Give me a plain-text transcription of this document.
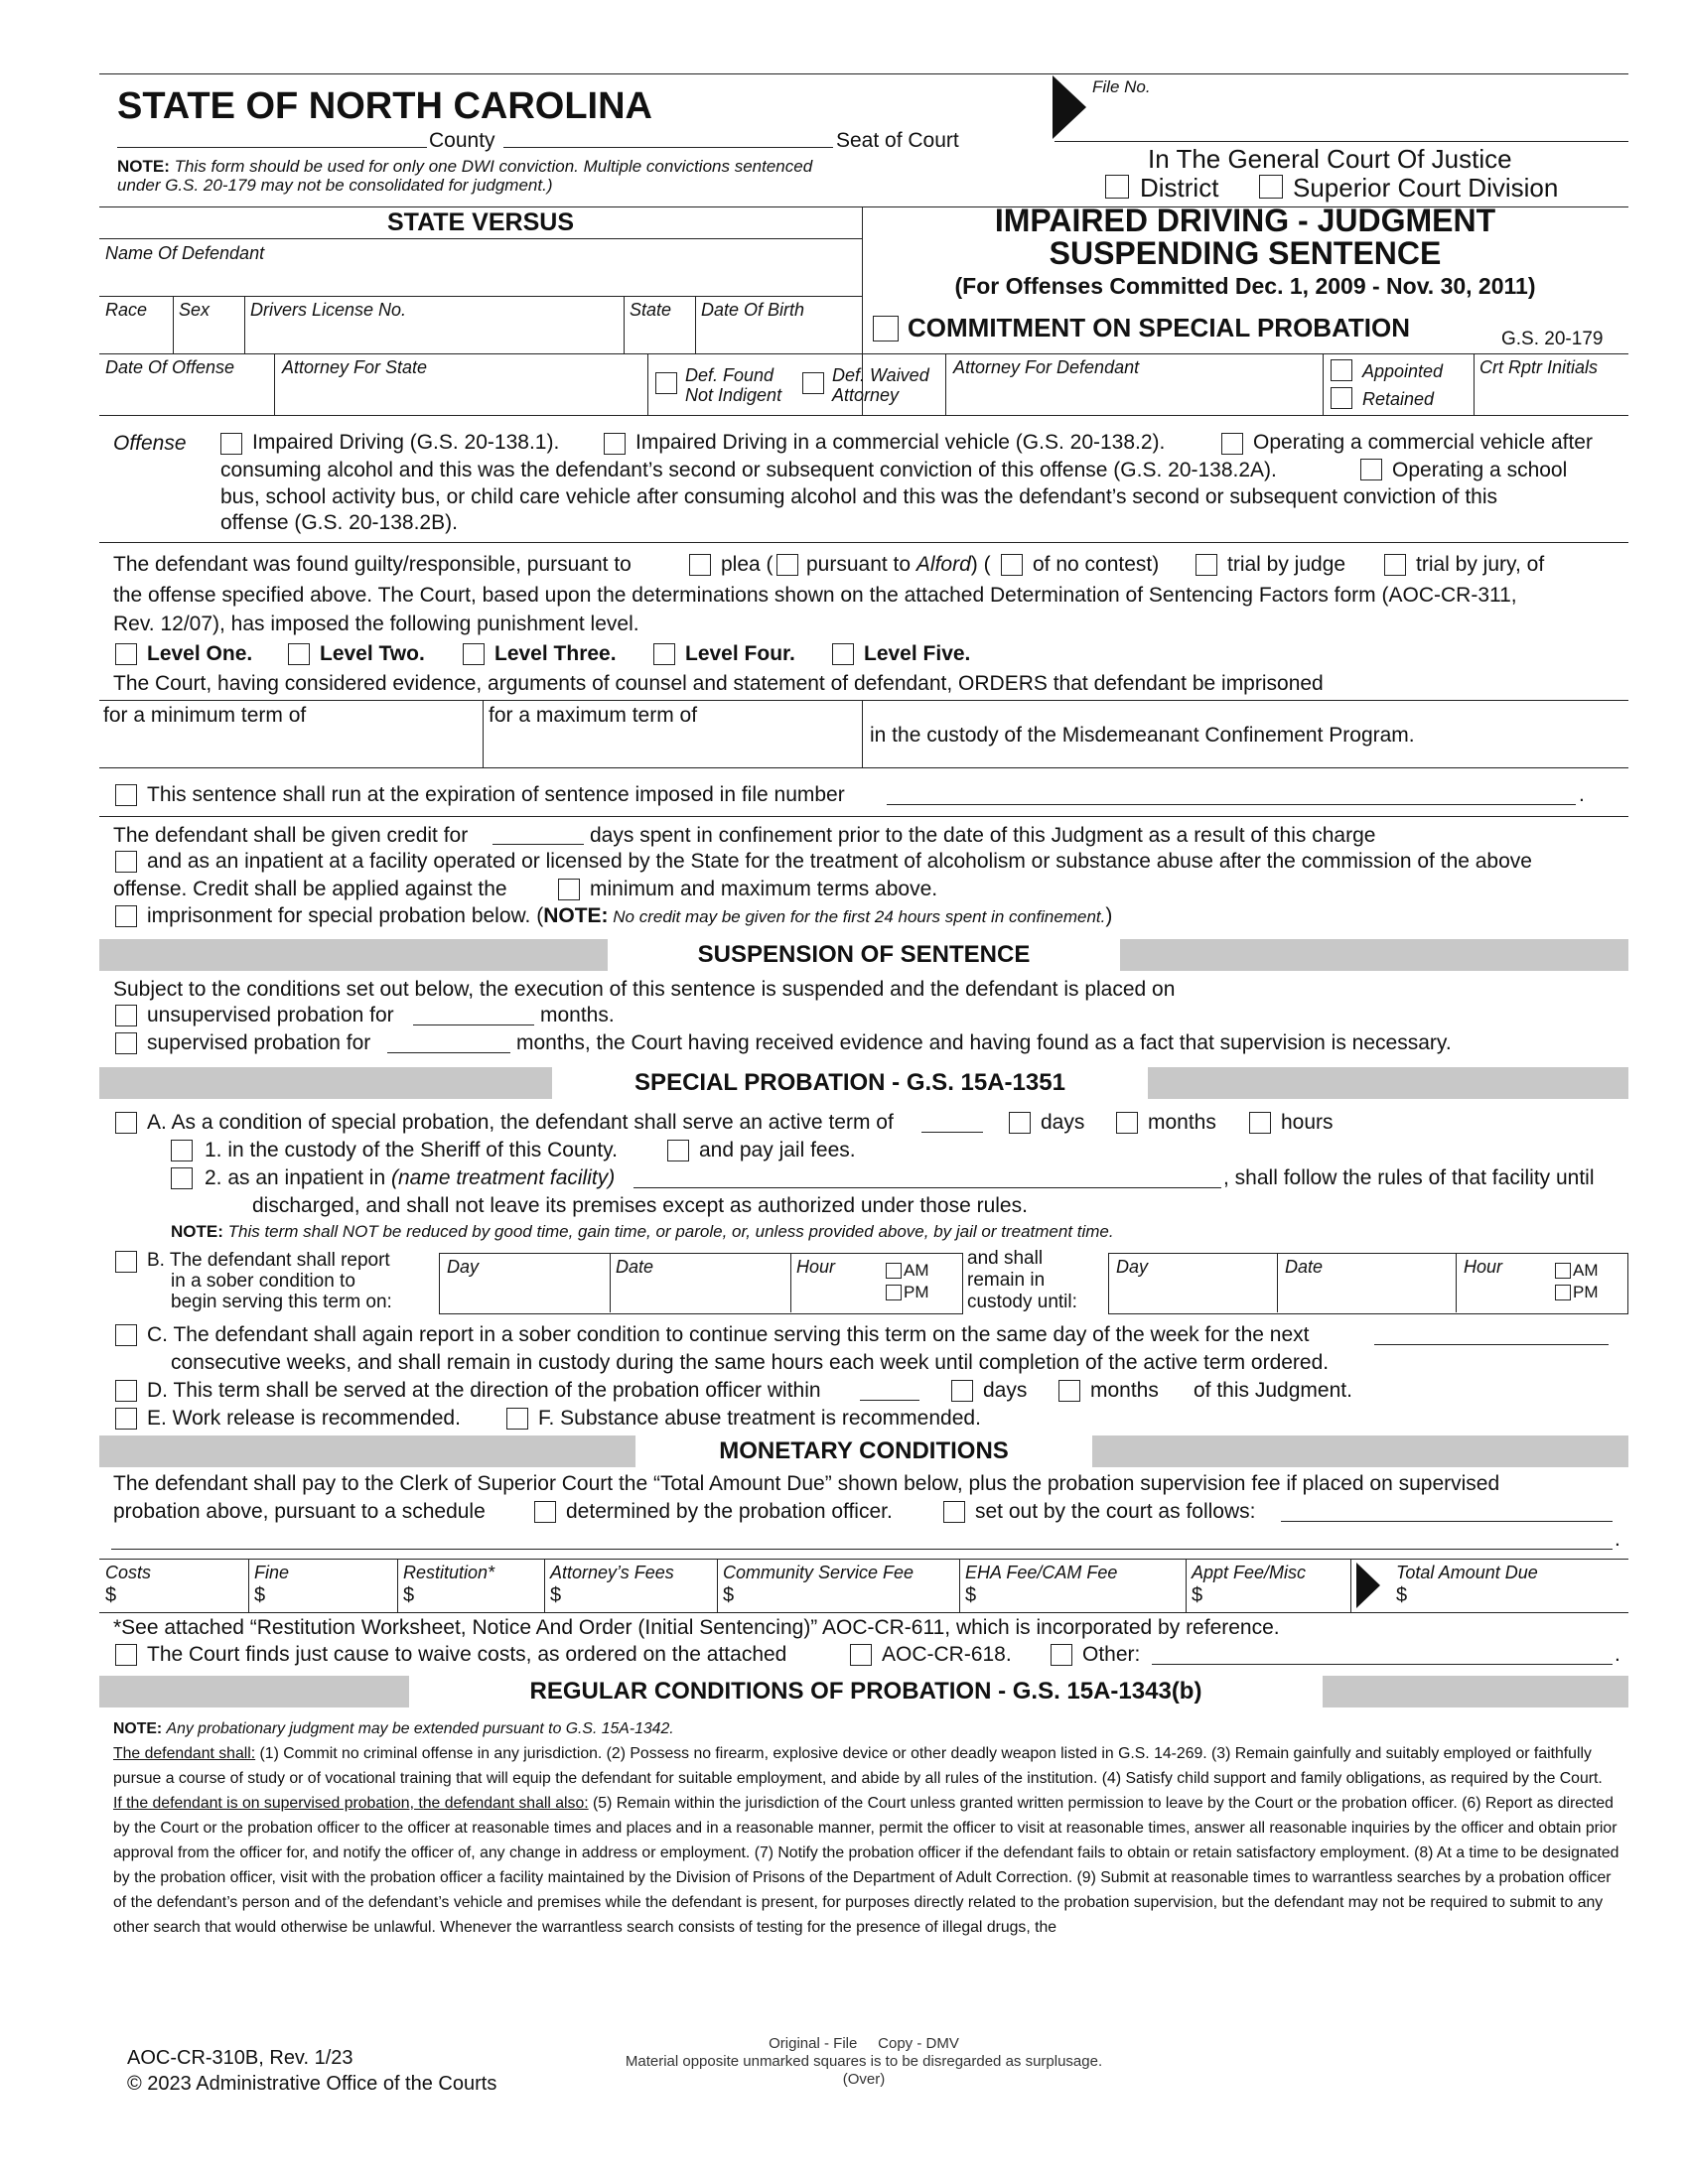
STATE OF NORTH CAROLINA
County	Seat of Court
NOTE: This form should be used for only one DWI conviction. Multiple convictions sentenced
under G.S. 20-179 may not be consolidated for judgment.)
File No.
In The General Court Of Justice
District	Superior Court Division
STATE VERSUS
Name Of Defendant
Race Sex Drivers License No.	State Date Of Birth
IMPAIRED DRIVING - JUDGMENT
SUSPENDING SENTENCE
(For Offenses Committed Dec. 1, 2009 - Nov. 30, 2011)
COMMITMENT ON SPECIAL PROBATION	G.S. 20-179
Date Of Offense	Attorney For State	Def. Found
Not Indigent
Def. Waived
Attorney
Attorney For Defendant	Appointed
Retained
Crt Rptr Initials
Offense	Impaired Driving (G.S. 20-138.1).	Impaired Driving in a commercial vehicle (G.S. 20-138.2).	Operating a commercial vehicle after
consuming alcohol and this was the defendant’s second or subsequent conviction of this offense (G.S. 20-138.2A).	Operating a school
bus, school activity bus, or child care vehicle after consuming alcohol and this was the defendant’s second or subsequent conviction of this
offense (G.S. 20-138.2B).
The defendant was found guilty/responsible, pursuant to	plea ( pursuant to Alford) ( of no contest)	trial by judge	trial by jury, of
the offense specified above. The Court, based upon the determinations shown on the attached Determination of Sentencing Factors form (AOC-CR-311,
Rev. 12/07), has imposed the following punishment level.
Level One.	Level Two.	Level Three.	Level Four.	Level Five.
The Court, having considered evidence, arguments of counsel and statement of defendant, ORDERS that defendant be imprisoned
for a minimum term of	for a maximum term of
in the custody of the Misdemeanant Confinement Program.
This sentence shall run at the expiration of sentence imposed in file number	.
The defendant shall be given credit for	days spent in confinement prior to the date of this Judgment as a result of this charge
and as an inpatient at a facility operated or licensed by the State for the treatment of alcoholism or substance abuse after the commission of the above
offense. Credit shall be applied against the	minimum and maximum terms above.
imprisonment for special probation below. (NOTE: No credit may be given for the first 24 hours spent in confinement.)
SUSPENSION OF SENTENCE
Subject to the conditions set out below, the execution of this sentence is suspended and the defendant is placed on
unsupervised probation for	months.
supervised probation for	months, the Court having received evidence and having found as a fact that supervision is necessary.
SPECIAL PROBATION - G.S. 15A-1351
A. As a condition of special probation, the defendant shall serve an active term of	days	months	hours
1. in the custody of the Sheriff of this County.	and pay jail fees.
2. as an inpatient in (name treatment facility)	, shall follow the rules of that facility until
discharged, and shall not leave its premises except as authorized under those rules.
NOTE: This term shall NOT be reduced by good time, gain time, or parole, or, unless provided above, by jail or treatment time.
B. The defendant shall report
in a sober condition to
begin serving this term on:
Day	Date	Hour	AM
PM
and shall
remain in
custody until:
Day	Date	Hour	AM
PM
C. The defendant shall again report in a sober condition to continue serving this term on the same day of the week for the next
consecutive weeks, and shall remain in custody during the same hours each week until completion of the active term ordered.
D. This term shall be served at the direction of the probation officer within	days	months of this Judgment.
E. Work release is recommended.	F. Substance abuse treatment is recommended.
MONETARY CONDITIONS
The defendant shall pay to the Clerk of Superior Court the “Total Amount Due” shown below, plus the probation supervision fee if placed on supervised
probation above, pursuant to a schedule	determined by the probation officer.	set out by the court as follows:
.
Costs
$
Fine
$
Restitution*
$
Attorney’s Fees
$
Community Service Fee
$
EHA Fee/CAM Fee
$
Appt Fee/Misc
$
Total Amount Due
$
*See attached “Restitution Worksheet, Notice And Order (Initial Sentencing)” AOC-CR-611, which is incorporated by reference.
The Court finds just cause to waive costs, as ordered on the attached	AOC-CR-618.	Other:	.
REGULAR CONDITIONS OF PROBATION - G.S. 15A-1343(b)

NOTE: Any probationary judgment may be extended pursuant to G.S. 15A-1342.

The defendant shall: (1) Commit no criminal offense in any jurisdiction. (2) Possess no firearm, explosive device or other deadly weapon listed in G.S. 14-269. (3) Remain gainfully and suitably employed or faithfully pursue a course of study or of vocational training that will equip the defendant for suitable employment, and abide by all rules of the institution. (4) Satisfy child support and family obligations, as required by the Court.

If the defendant is on supervised probation, the defendant shall also: (5) Remain within the jurisdiction of the Court unless granted written permission to leave by the Court or the probation officer. (6) Report as directed by the Court or the probation officer to the officer at reasonable times and places and in a reasonable manner, permit the officer to visit at reasonable times, answer all reasonable inquiries by the officer and obtain prior approval from the officer for, and notify the officer of, any change in address or employment. (7) Notify the probation officer if the defendant fails to obtain or retain satisfactory employment. (8) At a time to be designated by the probation officer, visit with the probation officer a facility maintained by the Division of Prisons of the Department of Adult Correction. (9) Submit at reasonable times to warrantless searches by a probation officer of the defendant’s person and of the defendant’s vehicle and premises while the defendant is present, for purposes directly related to the probation supervision, but the defendant may not be required to submit to any other search that would otherwise be unlawful. Whenever the warrantless search consists of testing for the presence of illegal drugs, the

AOC-CR-310B, Rev. 1/23
© 2023 Administrative Office of the Courts
Original - File     Copy - DMV
Material opposite unmarked squares is to be disregarded as surplusage.
(Over)
